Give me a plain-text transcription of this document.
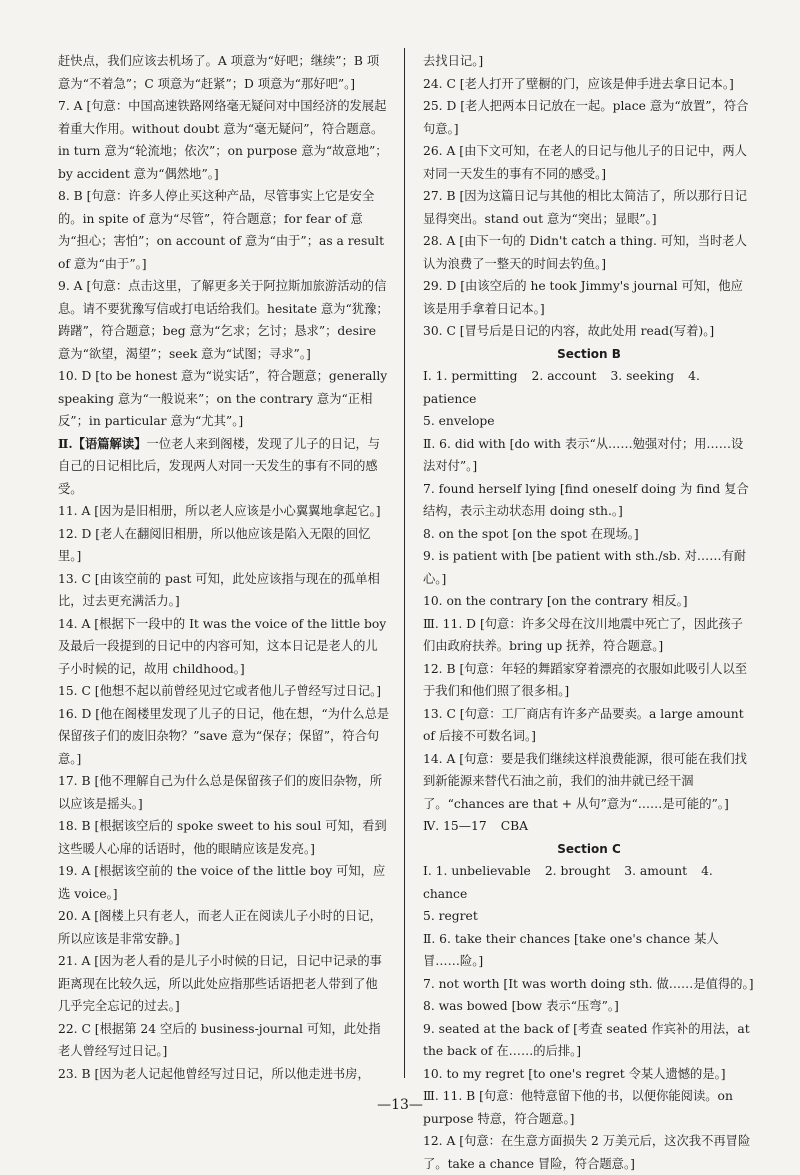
赶快点，我们应该去机场了。A 项意为“好吧；继续”；B 项意为“不着急”；C 项意为“赶紧”；D 项意为“那好吧”。]
7. A [句意：中国高速铁路网络毫无疑问对中国经济的发展起着重大作用。without doubt 意为“毫无疑问”，符合题意。in turn 意为“轮流地；依次”；on purpose 意为“故意地”；by accident 意为“偶然地”。]
8. B [句意：许多人停止买这种产品，尽管事实上它是安全的。in spite of 意为“尽管”，符合题意；for fear of 意为“担心；害怕”；on account of 意为“由于”；as a result of 意为“由于”。]
9. A [句意：点击这里，了解更多关于阿拉斯加旅游活动的信息。请不要犹豫写信或打电话给我们。hesitate 意为“犹豫；踌躇”，符合题意；beg 意为“乞求；乞讨；恳求”；desire 意为“欲望，渴望”；seek 意为“试图；寻求”。]
10. D [to be honest 意为“说实话”，符合题意；generally speaking 意为“一般说来”；on the contrary 意为“正相反”；in particular 意为“尤其”。]
Ⅱ.【语篇解读】一位老人来到阁楼，发现了儿子的日记，与自己的日记相比后，发现两人对同一天发生的事有不同的感受。
11. A [因为是旧相册，所以老人应该是小心翼翼地拿起它。]
12. D [老人在翻阅旧相册，所以他应该是陷入无限的回忆里。]
13. C [由该空前的 past 可知，此处应该指与现在的孤单相比，过去更充满活力。]
14. A [根据下一段中的 It was the voice of the little boy 及最后一段提到的日记中的内容可知，这本日记是老人的儿子小时候的记，故用 childhood。]
15. C [他想不起以前曾经见过它或者他儿子曾经写过日记。]
16. D [他在阁楼里发现了儿子的日记，他在想，“为什么总是保留孩子们的废旧杂物？”save 意为“保存；保留”，符合句意。]
17. B [他不理解自己为什么总是保留孩子们的废旧杂物，所以应该是摇头。]
18. B [根据该空后的 spoke sweet to his soul 可知，看到这些暖人心扉的话语时，他的眼睛应该是发亮。]
19. A [根据该空前的 the voice of the little boy 可知，应选 voice。]
20. A [阁楼上只有老人，而老人正在阅读儿子小时的日记，所以应该是非常安静。]
21. A [因为老人看的是儿子小时候的日记，日记中记录的事距离现在比较久远，所以此处应指那些话语把老人带到了他几乎完全忘记的过去。]
22. C [根据第 24 空后的 business-journal 可知，此处指老人曾经写过日记。]
23. B [因为老人记起他曾经写过日记，所以他走进书房，
去找日记。]
24. C [老人打开了壁橱的门，应该是伸手进去拿日记本。]
25. D [老人把两本日记放在一起。place 意为“放置”，符合句意。]
26. A [由下文可知，在老人的日记与他儿子的日记中，两人对同一天发生的事有不同的感受。]
27. B [因为这篇日记与其他的相比太简洁了，所以那行日记显得突出。stand out 意为“突出；显眼”。]
28. A [由下一句的 Didn't catch a thing. 可知，当时老人认为浪费了一整天的时间去钓鱼。]
29. D [由该空后的 he took Jimmy's journal 可知，他应该是用手拿着日记本。]
30. C [冒号后是日记的内容，故此处用 read(写着)。]
Section B
Ⅰ. 1. permitting 2. account 3. seeking 4. patience
5. envelope
Ⅱ. 6. did with [do with 表示“从……勉强对付；用……设法对付”。]
7. found herself lying [find oneself doing 为 find 复合结构，表示主动状态用 doing sth.。]
8. on the spot [on the spot 在现场。]
9. is patient with [be patient with sth./sb. 对……有耐心。]
10. on the contrary [on the contrary 相反。]
Ⅲ. 11. D [句意：许多父母在汶川地震中死亡了，因此孩子们由政府扶养。bring up 抚养，符合题意。]
12. B [句意：年轻的舞蹈家穿着漂亮的衣服如此吸引人以至于我们和他们照了很多相。]
13. C [句意：工厂商店有许多产品要卖。a large amount of 后接不可数名词。]
14. A [句意：要是我们继续这样浪费能源，很可能在我们找到新能源来替代石油之前，我们的油井就已经干涸了。“chances are that + 从句”意为“……是可能的”。]
Ⅳ. 15—17 CBA
Section C
Ⅰ. 1. unbelievable 2. brought 3. amount 4. chance
5. regret
Ⅱ. 6. take their chances [take one's chance 某人冒……险。]
7. not worth [It was worth doing sth. 做……是值得的。]
8. was bowed [bow 表示“压弯”。]
9. seated at the back of [考查 seated 作宾补的用法，at the back of 在……的后排。]
10. to my regret [to one's regret 令某人遗憾的是。]
Ⅲ. 11. B [句意：他特意留下他的书，以便你能阅读。on purpose 特意，符合题意。]
12. A [句意：在生意方面损失 2 万美元后，这次我不再冒险了。take a chance 冒险，符合题意。]
—13—
